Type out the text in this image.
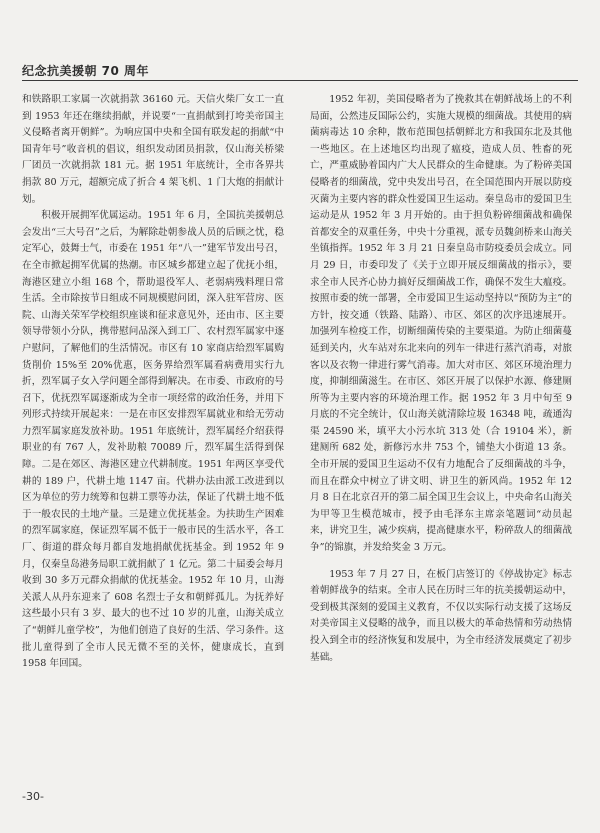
纪念抗美援朝 70 周年

和铁路职工家属一次就捐款 36160 元。天信火柴厂女工一直到 1953 年还在继续捐献，并说要“一直捐献到打垮美帝国主义侵略者离开朝鲜”。为响应国中央和全国有联发起的捐献“中国青年号”收音机的倡议，组织发动团员捐款，仅山海关桥梁厂团员一次就捐款 181 元。据 1951 年底统计，全市各界共捐款 80 万元，超额完成了折合 4 架飞机、1 门大炮的捐献计划。

积极开展拥军优属运动。1951 年 6 月，全国抗美援朝总会发出“三大号召”之后，为解除赴朝参战人员的后顾之忧，稳定军心，鼓舞士气，市委在 1951 年“八一”建军节发出号召，在全市掀起拥军优属的热潮。市区城乡都建立起了优抚小组，海港区建立小组 168 个，帮助退役军人、老弱病残料理日常生活。全市除按节日组成不同规模慰问团，深入驻军营房、医院、山海关荣军学校组织座谈和征求意见外，还由市、区主要领导带领小分队，携带慰问品深入到工厂、农村烈军属家中逐户慰问，了解他们的生活情况。市区有 10 家商店给烈军属购货削价 15%至 20%优惠，医务界给烈军属看病费用实行九折，烈军属子女入学问题全部得到解决。在市委、市政府的号召下，优抚烈军属逐渐成为全市一项经常的政治任务，并用下列形式持续开展起来：一是在市区安排烈军属就业和给无劳动力烈军属家庭发放补助。1951 年底统计，烈军属经介绍获得职业的有 767 人，发补助粮 70089 斤，烈军属生活得到保障。二是在郊区、海港区建立代耕制度。1951 年两区享受代耕的 189 户，代耕土地 1147 亩。代耕办法由派工改进到以区为单位的劳力统筹和包耕工票等办法，保证了代耕土地不低于一般农民的土地产量。三是建立优抚基金。为扶助生产困难的烈军属家庭，保证烈军属不低于一般市民的生活水平，各工厂、街道的群众每月都自发地捐献优抚基金。到 1952 年 9 月，仅秦皇岛港务局职工就捐献了 1 亿元。第二十届委会每月收到 30 多万元群众捐献的优抚基金。1952 年 10 月，山海关派人从丹东迎来了 608 名烈士子女和朝鲜孤儿。为抚养好这些最小只有 3 岁、最大的也不过 10 岁的儿童，山海关成立了“朝鲜儿童学校”，为他们创造了良好的生活、学习条件。这批儿童得到了全市人民无微不至的关怀，健康成长，直到 1958 年回国。

1952 年初，美国侵略者为了挽救其在朝鲜战场上的不利局面，公然违反国际公约，实施大规模的细菌战。其使用的病菌病毒达 10 余种，散布范围包括朝鲜北方和我国东北及其他一些地区。在上述地区均出现了瘟疫，造成人员、牲畜的死亡，严重威胁着国内广大人民群众的生命健康。为了粉碎美国侵略者的细菌战，党中央发出号召，在全国范围内开展以防疫灭菌为主要内容的群众性爱国卫生运动。秦皇岛市的爱国卫生运动是从 1952 年 3 月开始的。由于担负粉碎细菌战和确保首都安全的双重任务，中央十分重视，派专员魏剑桥来山海关坐镇指挥。1952 年 3 月 21 日秦皇岛市防疫委员会成立。同月 29 日，市委印发了《关于立即开展反细菌战的指示》，要求全市人民齐心协力搞好反细菌战工作，确保不发生大瘟疫。按照市委的统一部署，全市爱国卫生运动坚持以“预防为主”的方针，按交通（铁路、陆路）、市区、郊区的次序迅速展开。加强列车检疫工作，切断细菌传染的主要渠道。为防止细菌蔓延到关内，火车站对东北来向的列车一律进行蒸汽消毒，对旅客以及衣物一律进行雾气消毒。加大对市区、郊区环境治理力度，抑制细菌滋生。在市区、郊区开展了以保护水源、修建厕所等为主要内容的环境治理工作。据 1952 年 3 月中旬至 9 月底的不完全统计，仅山海关就清除垃圾 16348 吨，疏通沟渠 24590 米，填平大小污水坑 313 处（合 19104 米），新建厕所 682 处，新修污水井 753 个，铺垫大小街道 13 条。全市开展的爱国卫生运动不仅有力地配合了反细菌战的斗争，而且在群众中树立了讲文明、讲卫生的新风尚。1952 年 12 月 8 日在北京召开的第二届全国卫生会议上，中央命名山海关为甲等卫生模范城市，授予由毛泽东主席亲笔题词“动员起来，讲究卫生，减少疾病，提高健康水平，粉碎敌人的细菌战争”的锦旗，并发给奖金 3 万元。

1953 年 7 月 27 日，在板门店签订的《停战协定》标志着朝鲜战争的结束。全市人民在历时三年的抗美援朝运动中，受到极其深刻的爱国主义教育，不仅以实际行动支援了这场反对美帝国主义侵略的战争，而且以极大的革命热情和劳动热情投入到全市的经济恢复和发展中，为全市经济发展奠定了初步基础。

-30-
